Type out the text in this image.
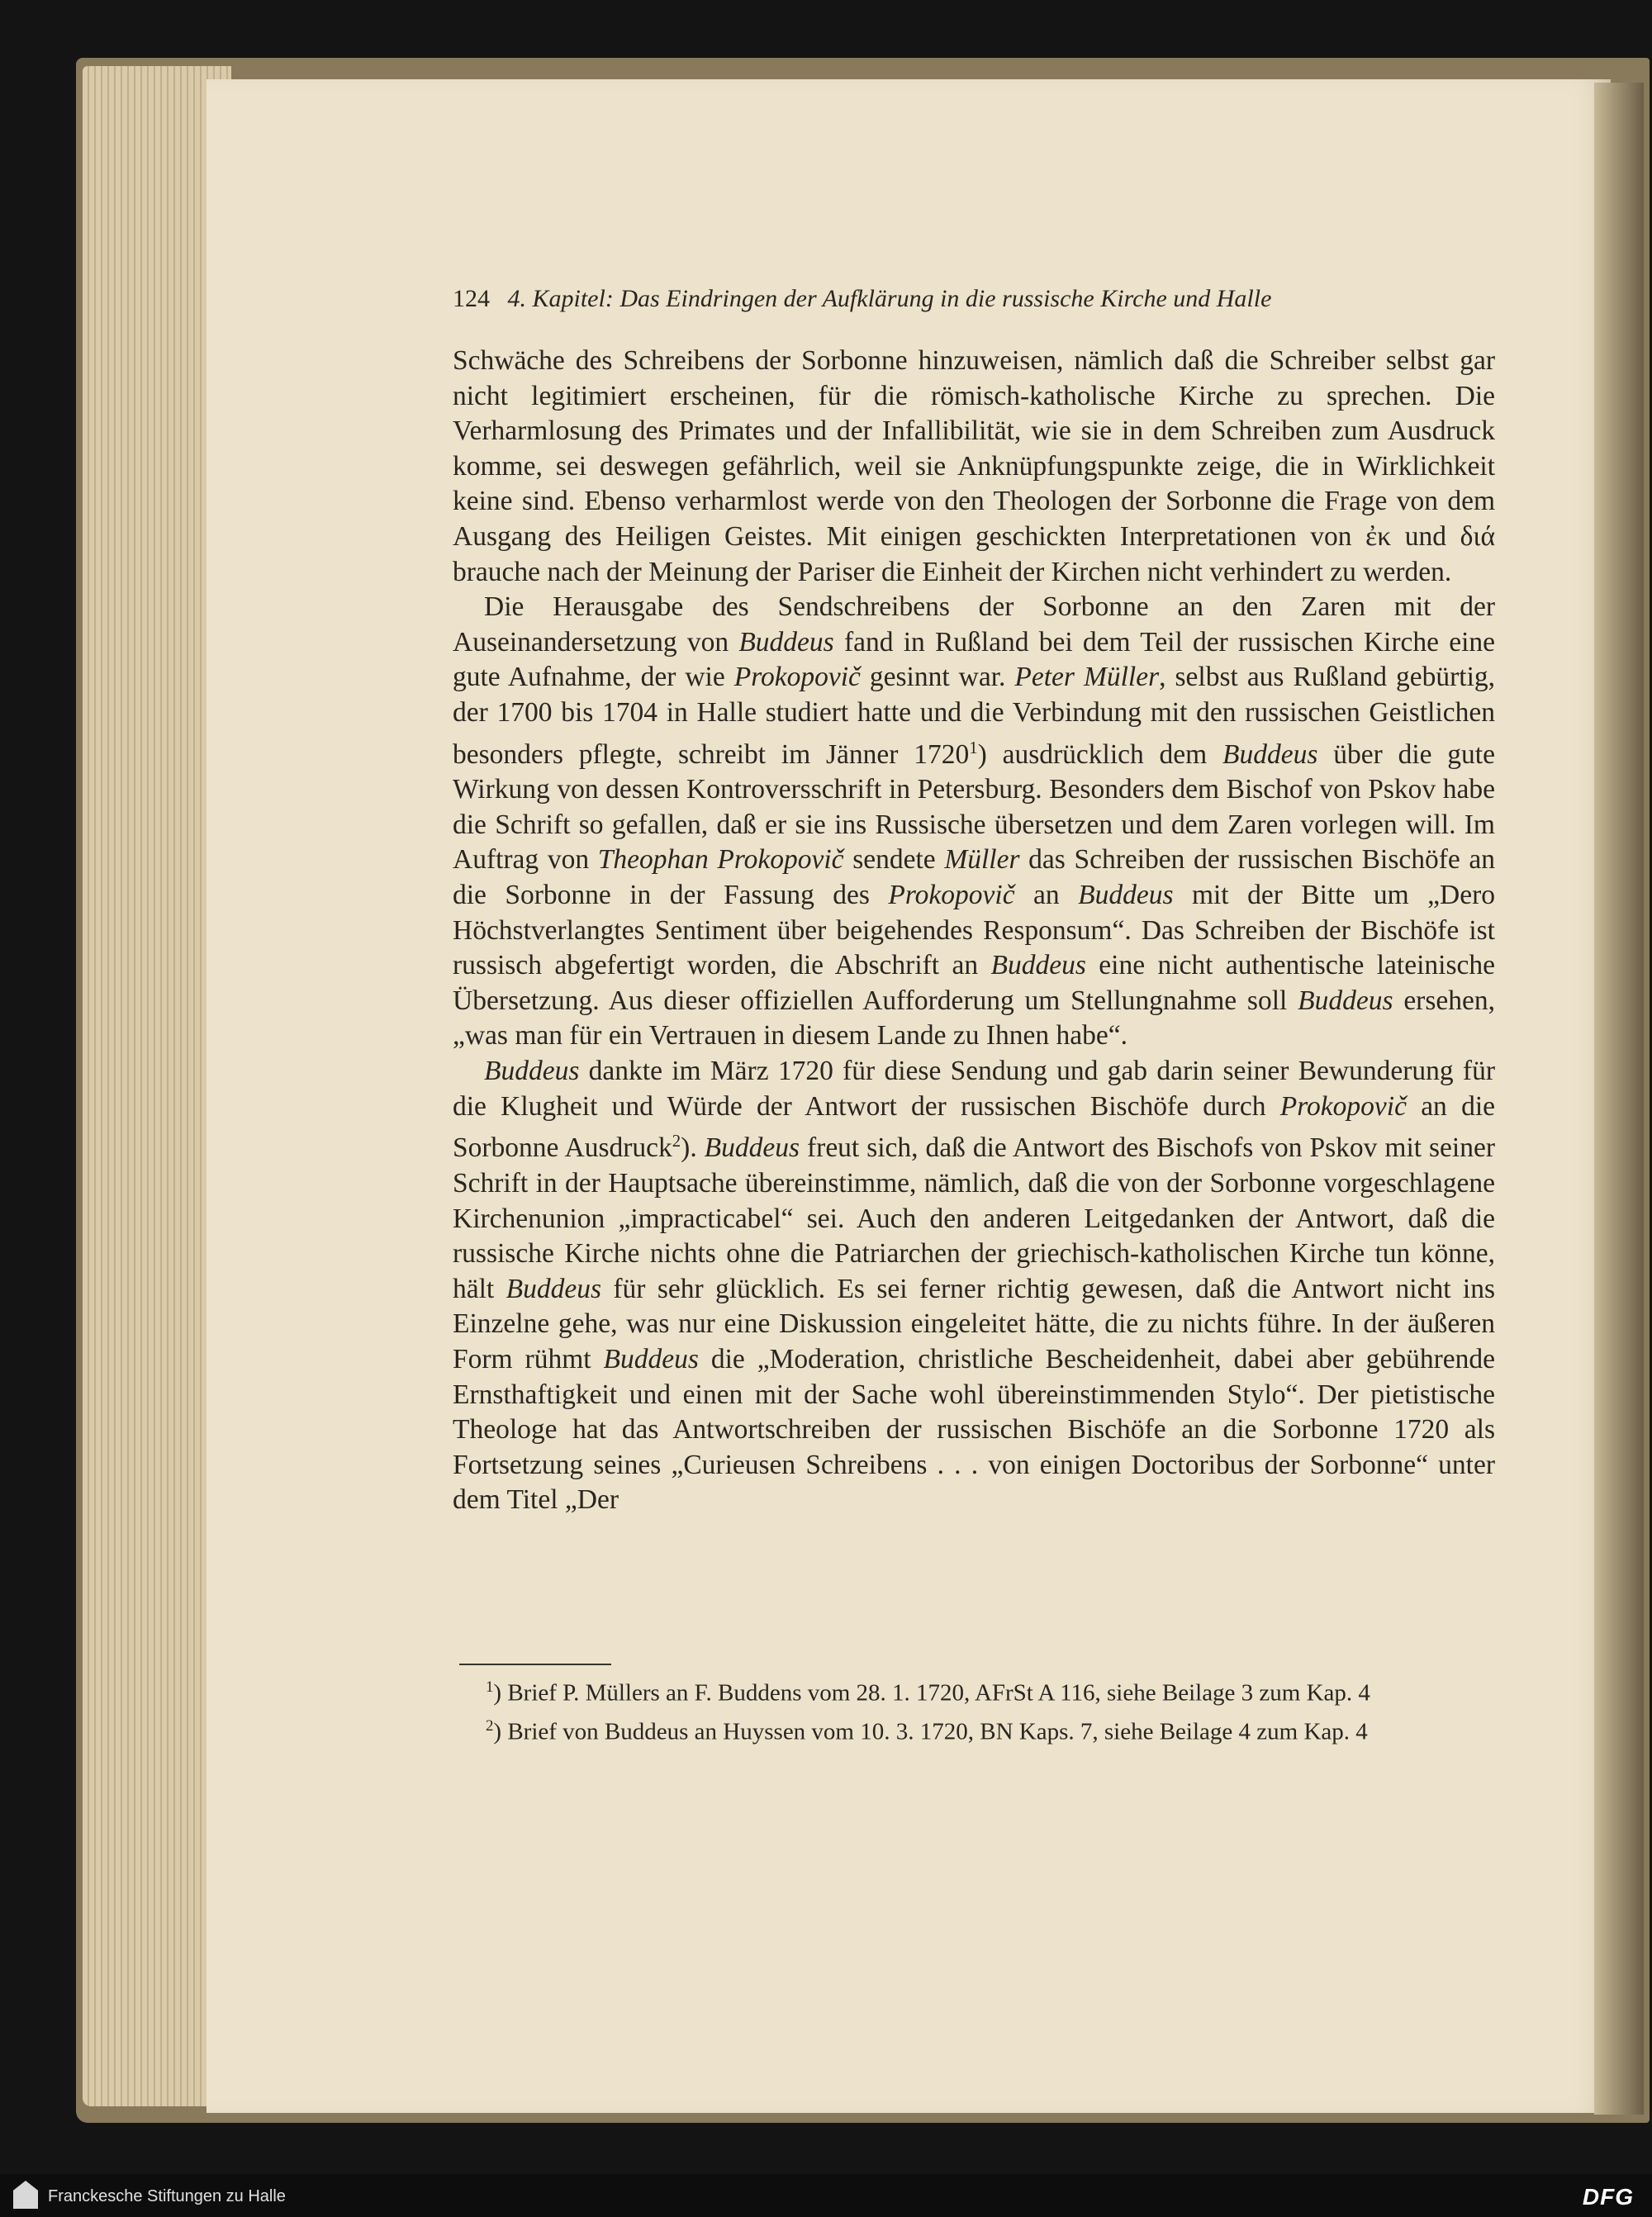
124 4. Kapitel: Das Eindringen der Aufklärung in die russische Kirche und Halle

Schwäche des Schreibens der Sorbonne hinzuweisen, nämlich daß die Schreiber selbst gar nicht legitimiert erscheinen, für die römisch-katholische Kirche zu sprechen. Die Verharmlosung des Primates und der Infallibilität, wie sie in dem Schreiben zum Ausdruck komme, sei deswegen gefährlich, weil sie Anknüpfungspunkte zeige, die in Wirklichkeit keine sind. Ebenso verharmlost werde von den Theologen der Sorbonne die Frage von dem Ausgang des Heiligen Geistes. Mit einigen geschickten Interpretationen von ἐκ und διά brauche nach der Meinung der Pariser die Einheit der Kirchen nicht verhindert zu werden.

Die Herausgabe des Sendschreibens der Sorbonne an den Zaren mit der Auseinandersetzung von Buddeus fand in Rußland bei dem Teil der russischen Kirche eine gute Aufnahme, der wie Prokopovič gesinnt war. Peter Müller, selbst aus Rußland gebürtig, der 1700 bis 1704 in Halle studiert hatte und die Verbindung mit den russischen Geistlichen besonders pflegte, schreibt im Jänner 1720$^1$) ausdrücklich dem Buddeus über die gute Wirkung von dessen Kontroversschrift in Petersburg. Besonders dem Bischof von Pskov habe die Schrift so gefallen, daß er sie ins Russische übersetzen und dem Zaren vorlegen will. Im Auftrag von Theophan Prokopovič sendete Müller das Schreiben der russischen Bischöfe an die Sorbonne in der Fassung des Prokopovič an Buddeus mit der Bitte um „Dero Höchstverlangtes Sentiment über beigehendes Responsum“. Das Schreiben der Bischöfe ist russisch abgefertigt worden, die Abschrift an Buddeus eine nicht authentische lateinische Übersetzung. Aus dieser offiziellen Aufforderung um Stellungnahme soll Buddeus ersehen, „was man für ein Vertrauen in diesem Lande zu Ihnen habe“.

Buddeus dankte im März 1720 für diese Sendung und gab darin seiner Bewunderung für die Klugheit und Würde der Antwort der russischen Bischöfe durch Prokopovič an die Sorbonne Ausdruck$^2$). Buddeus freut sich, daß die Antwort des Bischofs von Pskov mit seiner Schrift in der Hauptsache übereinstimme, nämlich, daß die von der Sorbonne vorgeschlagene Kirchenunion „impracticabel“ sei. Auch den anderen Leitgedanken der Antwort, daß die russische Kirche nichts ohne die Patriarchen der griechisch-katholischen Kirche tun könne, hält Buddeus für sehr glücklich. Es sei ferner richtig gewesen, daß die Antwort nicht ins Einzelne gehe, was nur eine Diskussion eingeleitet hätte, die zu nichts führe. In der äußeren Form rühmt Buddeus die „Moderation, christliche Bescheidenheit, dabei aber gebührende Ernsthaftigkeit und einen mit der Sache wohl übereinstimmenden Stylo“. Der pietistische Theologe hat das Antwortschreiben der russischen Bischöfe an die Sorbonne 1720 als Fortsetzung seines „Curieusen Schreibens . . . von einigen Doctoribus der Sorbonne“ unter dem Titel „Der

$^1$) Brief P. Müllers an F. Buddens vom 28. 1. 1720, AFrSt A 116, siehe Beilage 3 zum Kap. 4

$^2$) Brief von Buddeus an Huyssen vom 10. 3. 1720, BN Kaps. 7, siehe Beilage 4 zum Kap. 4

Franckesche Stiftungen zu Halle	DFG
